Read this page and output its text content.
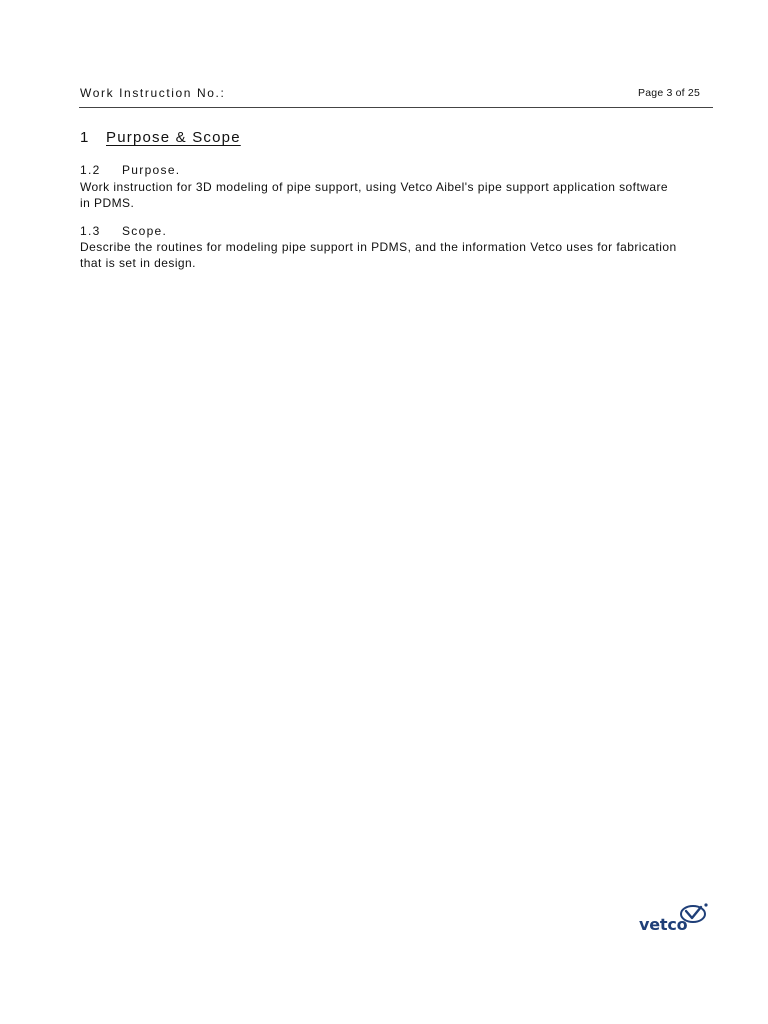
Work Instruction No.:	Page 3 of 25
1 Purpose & Scope
1.2 Purpose.
Work instruction for 3D modeling of pipe support, using Vetco Aibel's pipe support application software in PDMS.
1.3 Scope.
Describe the routines for modeling pipe support in PDMS, and the information Vetco uses for fabrication that is set in design.
vetco
